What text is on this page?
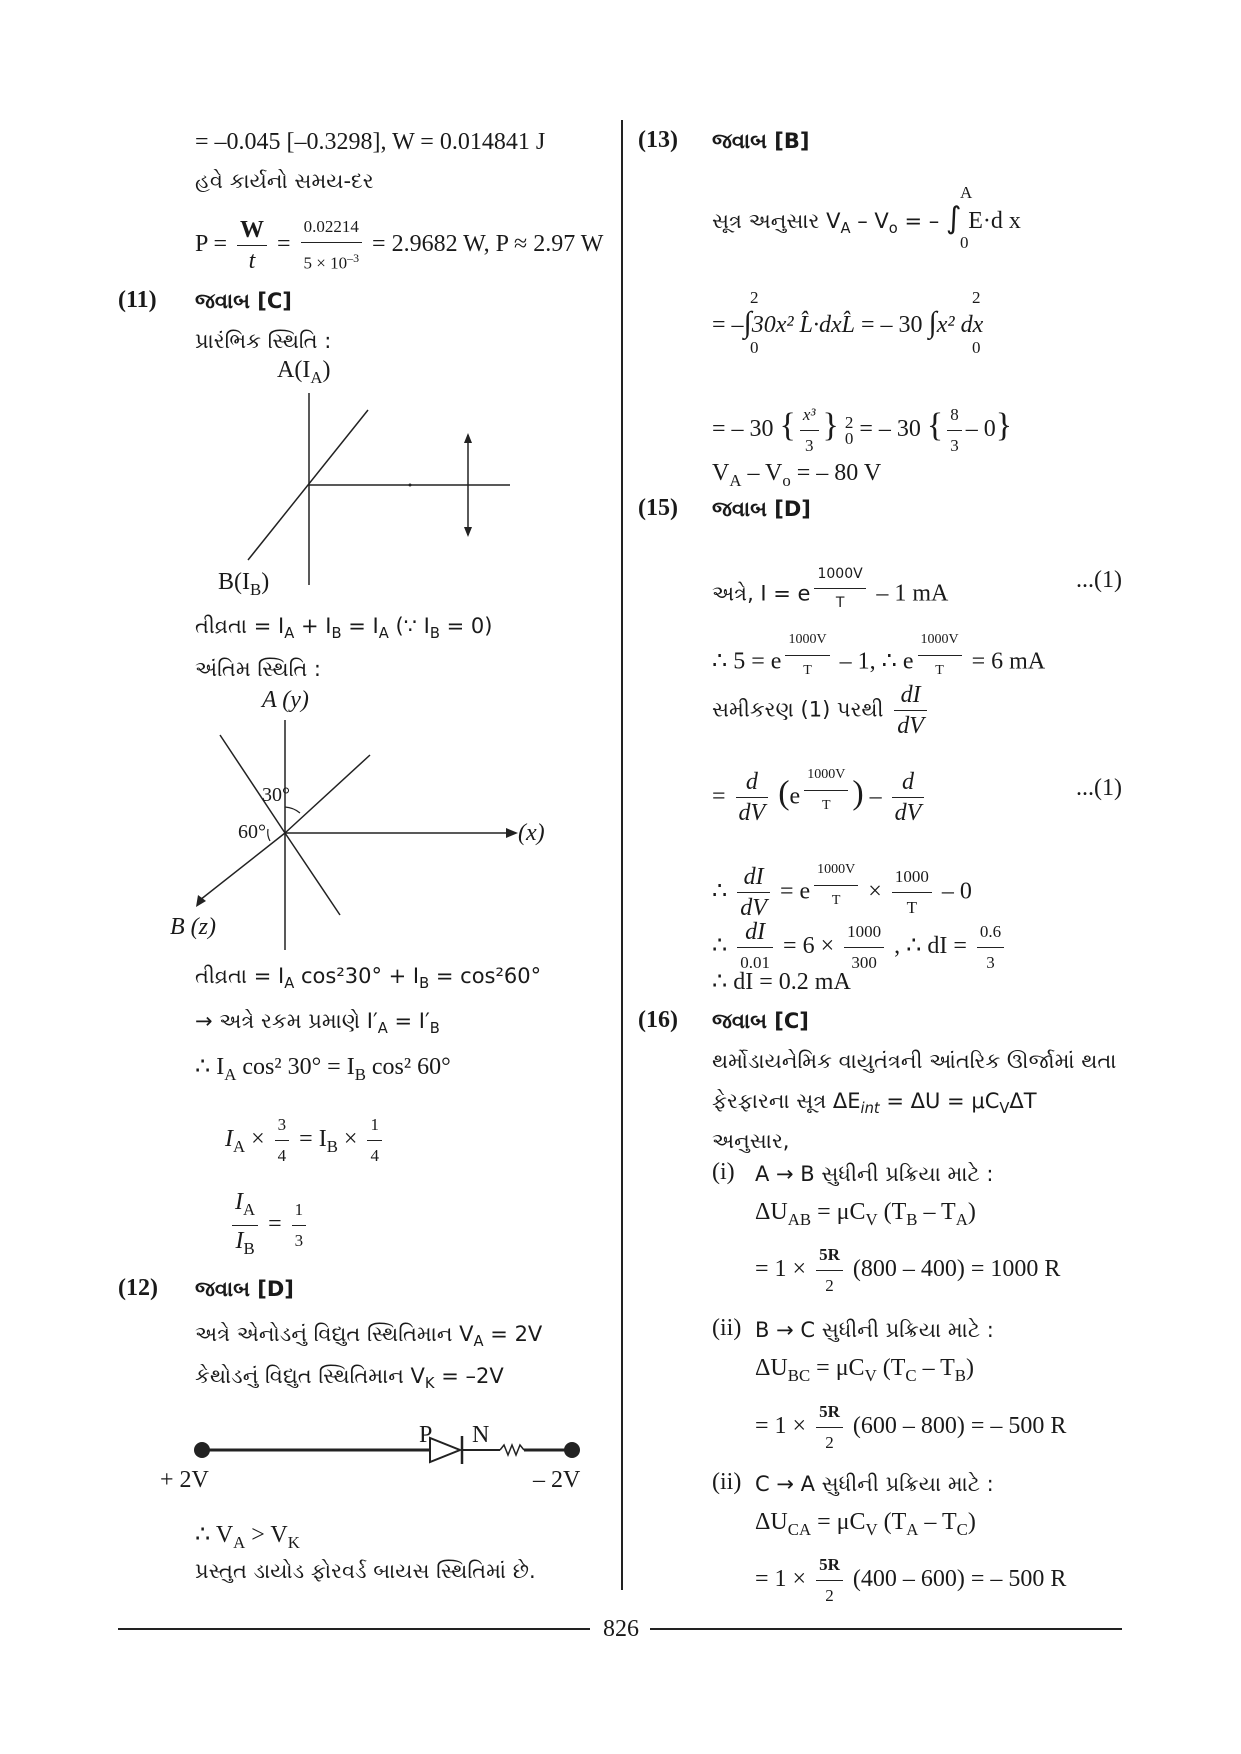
826
= –0.045 [–0.3298], W = 0.014841 J
હવે કાર્યનો સમય-દર
$P = \frac{W}{t} = \frac{0.02214}{5 \times 10^{-3}} = 2.9682$ W, P ≈ 2.97 W
(11) જવાબ [C]
પ્રારંભિક સ્થિતિ :
$A(I_A)$
$B(I_B)$
તીવ્રતા = $I_A + I_B = I_A$ (∵ $I_B = 0$)
અંતિમ સ્થિતિ :
A (y)
30°
60°	(x)
B (z)
તીવ્રતા = $I_A$ $\cos^230^\circ + I_B = \cos^260^\circ$
→ અત્રે રકમ પ્રમાણે $I'_A = I'_B$
∴ $I_A$ cos² $30^\circ = I_B$ cos² 60°
$I_A \times \frac{3}{4} = I_B \times \frac{1}{4}$
$\frac{I_A}{I_B} = \frac{1}{3}$
(12) જવાબ [D]
અત્રે એનોડનું વિદ્યુત સ્થિતિમાન $V_A = 2V$
કેથોડનું વિદ્યુત સ્થિતિમાન $V_K = -2V$
P N
+ 2V	– 2V
∴ $V_A > V_K$
પ્રસ્તુત ડાયોડ ફોરવર્ડ બાયસ સ્થિતિમાં છે.
(13) જવાબ [B]
A
0
સૂત્ર અનુસાર $V_A - V_o$ = – ∫ E·d x
2
0
2
0
= –∫30x² L̂·dxL̂ = – 30 ∫x² dx
= – 30 { $\frac{\text{x³}}{3}$ } 2
0 = – 30 { $\frac{8}{3} - 0$}
$V_A - V_o$ = – 80 V
(15) જવાબ [D]
અત્રે, I = e $^{\frac{1000V}{T}}$ – 1 mA
...(1)
∴ 5 = e $^{\frac{1000V}{T}}$ – 1, ∴ e $^{\frac{1000V}{T}}$ = 6 mA
સમીકરણ (1) પરથી $\frac{dI}{dV}$
= $\frac{d}{dV} (e$ $^{\frac{1000V}{T}}$ ) – $\frac{d}{dV}$	...(1)
∴ $\frac{dI}{dV} = e$ $^{\frac{1000V}{T}} \times \frac{1000}{T} - 0$
∴ $\frac{dI}{0.01} = 6 \times \frac{1000}{300}$ , ∴ dI = $\frac{0.6}{3}$
∴ dI = 0.2 mA
(16) જવાબ [C]
થર્મોડાયનેમિક વાયુતંત્રની આંતરિક ઊર્જામાં થતા
ફેરફારના સૂત્ર $\Delta E_{int} = \Delta U = \mu C_V\Delta T$
અનુસાર,
(i) A → B સુધીની પ્રક્રિયા માટે :
$\Delta U_{AB} = \mu C_V$ $(T_B - T_A)$
= $1 \times \frac{5R}{2} (800 - 400) = 1000$ R
(ii) B → C સુધીની પ્રક્રિયા માટે :
$\Delta U_{BC} = \mu C_V$ $(T_C - T_B)$
= $1 \times \frac{5R}{2} (600 - 800)$ = – 500 R
(ii) C → A સુધીની પ્રક્રિયા માટે :
$\Delta U_{CA} = \mu C_V$ $(T_A - T_C)$
= $1 \times \frac{5R}{2} (400 - 600)$ = – 500 R
